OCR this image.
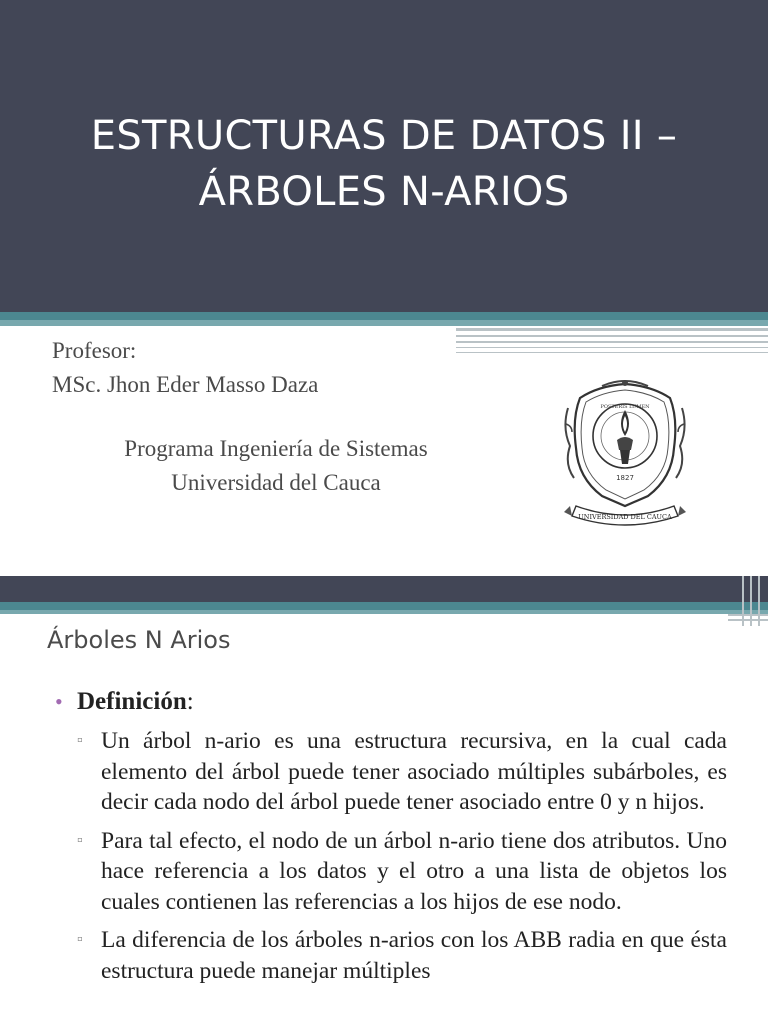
ESTRUCTURAS DE DATOS II –
ÁRBOLES N-ARIOS
Profesor:
MSc. Jhon Eder Masso Daza
Programa Ingeniería de Sistemas
Universidad del Cauca	1827
UNIVERSIDAD DEL CAUCA
POSTERIS LUMEN
Árboles N Arios
• Definición:
▫ Un árbol n-ario es una estructura recursiva, en la cual cada elemento del árbol puede tener asociado múltiples subárboles, es decir cada nodo del árbol puede tener asociado entre 0 y n hijos.
▫ Para tal efecto, el nodo de un árbol n-ario tiene dos atributos. Uno hace referencia a los datos y el otro a una lista de objetos los cuales contienen las referencias a los hijos de ese nodo.
▫ La diferencia de los árboles n-arios con los ABB radia en que ésta estructura puede manejar múltiples
